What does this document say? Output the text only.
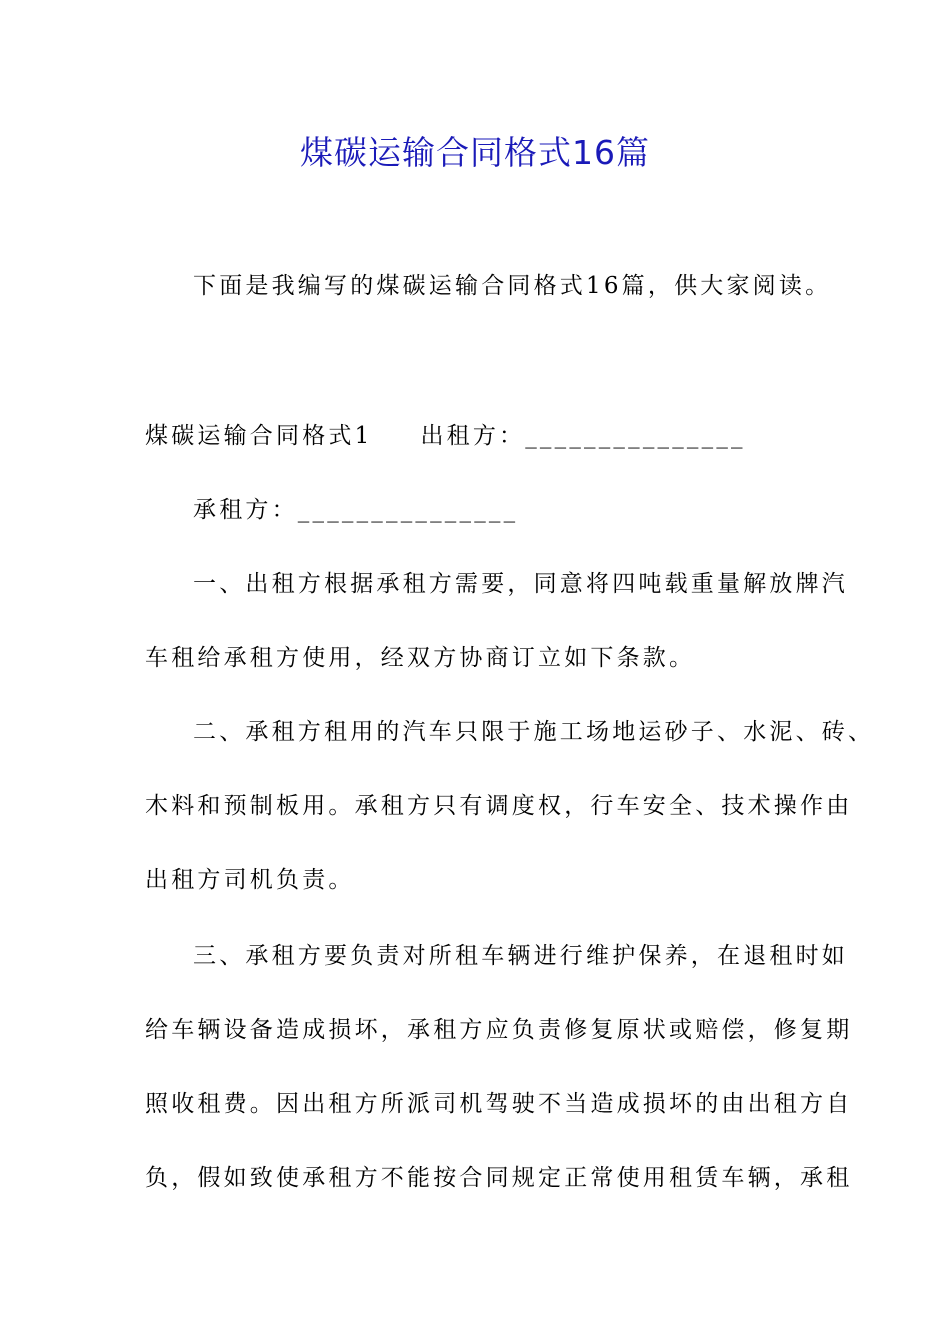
煤碳运输合同格式16篇
下面是我编写的煤碳运输合同格式16篇，供大家阅读。
煤碳运输合同格式1 出租方：_______________
承租方：_______________
一、出租方根据承租方需要，同意将四吨载重量解放牌汽
车租给承租方使用，经双方协商订立如下条款。
二、承租方租用的汽车只限于施工场地运砂子、水泥、砖、
木料和预制板用。承租方只有调度权，行车安全、技术操作由
出租方司机负责。
三、承租方要负责对所租车辆进行维护保养，在退租时如
给车辆设备造成损坏，承租方应负责修复原状或赔偿，修复期
照收租费。因出租方所派司机驾驶不当造成损坏的由出租方自
负，假如致使承租方不能按合同规定正常使用租赁车辆，承租
